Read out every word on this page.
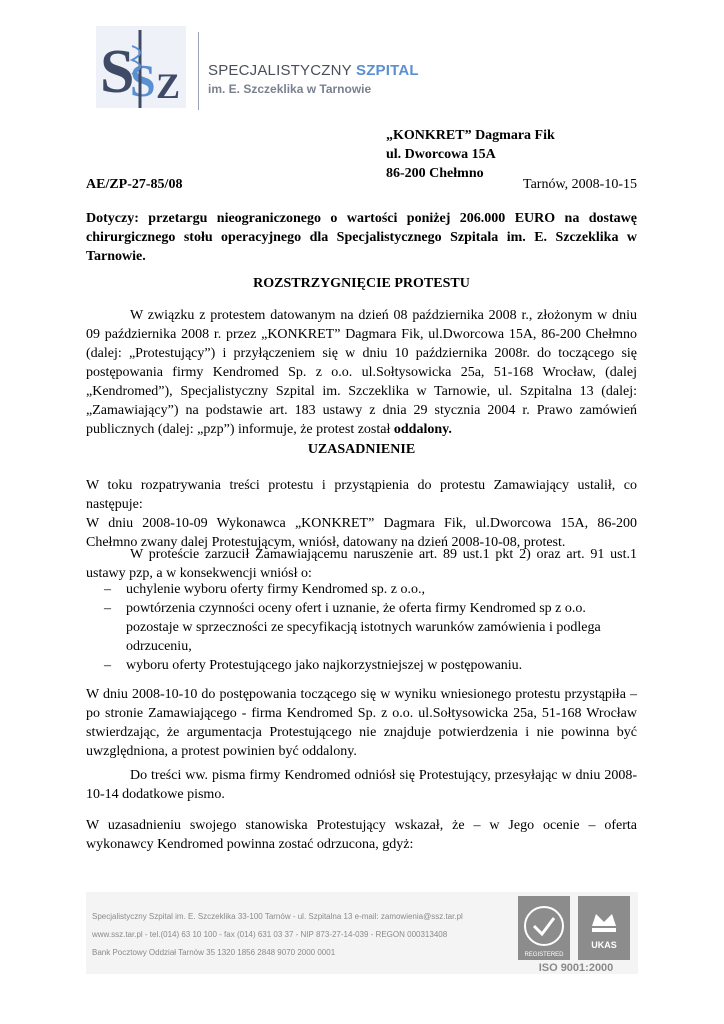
S
S Z SPECJALISTYCZNY SZPITAL
im. E. Szczeklika w Tarnowie
„KONKRET” Dagmara Fik
ul. Dworcowa 15A
86-200 Chełmno
AE/ZP-27-85/08	Tarnów, 2008-10-15
Dotyczy: przetargu nieograniczonego o wartości poniżej 206.000 EURO na dostawę chirurgicznego stołu operacyjnego dla Specjalistycznego Szpitala im. E. Szczeklika w Tarnowie.
ROZSTRZYGNIĘCIE PROTESTU
W związku z protestem datowanym na dzień 08 października 2008 r., złożonym w dniu 09 października 2008 r. przez „KONKRET” Dagmara Fik, ul.Dworcowa 15A, 86-200 Chełmno (dalej: „Protestujący”) i przyłączeniem się w dniu 10 października 2008r. do toczącego się postępowania firmy Kendromed Sp. z o.o. ul.Sołtysowicka 25a, 51-168 Wrocław, (dalej „Kendromed”), Specjalistyczny Szpital im. Szczeklika w Tarnowie, ul. Szpitalna 13 (dalej: „Zamawiający”) na podstawie art. 183 ustawy z dnia 29 stycznia 2004 r. Prawo zamówień publicznych (dalej: „pzp”) informuje, że protest został oddalony.
UZASADNIENIE
W toku rozpatrywania treści protestu i przystąpienia do protestu Zamawiający ustalił, co następuje:
W dniu 2008-10-09 Wykonawca „KONKRET” Dagmara Fik, ul.Dworcowa 15A, 86-200 Chełmno zwany dalej Protestującym, wniósł, datowany na dzień 2008-10-08, protest.
W proteście zarzucił Zamawiającemu naruszenie art. 89 ust.1 pkt 2) oraz art. 91 ust.1 ustawy pzp, a w konsekwencji wniósł o:
– uchylenie wyboru oferty firmy Kendromed sp. z o.o.,
– powtórzenia czynności oceny ofert i uznanie, że oferta firmy Kendromed sp z o.o. pozostaje w sprzeczności ze specyfikacją istotnych warunków zamówienia i podlega odrzuceniu,
– wyboru oferty Protestującego jako najkorzystniejszej w postępowaniu.
W dniu 2008-10-10 do postępowania toczącego się w wyniku wniesionego protestu przystąpiła – po stronie Zamawiającego - firma Kendromed Sp. z o.o. ul.Sołtysowicka 25a, 51-168 Wrocław stwierdzając, że argumentacja Protestującego nie znajduje potwierdzenia i nie powinna być uwzględniona, a protest powinien być oddalony.
Do treści ww. pisma firmy Kendromed odniósł się Protestujący, przesyłając w dniu 2008-10-14 dodatkowe pismo.
W uzasadnieniu swojego stanowiska Protestujący wskazał, że – w Jego ocenie – oferta wykonawcy Kendromed powinna zostać odrzucona, gdyż:
Specjalistyczny Szpital im. E. Szczeklika 33-100 Tarnów - ul. Szpitalna 13 e-mail: zamowienia@ssz.tar.pl
www.ssz.tar.pl - tel.(014) 63 10 100 - fax (014) 631 03 37 - NIP 873-27-14-039 - REGON 000313408
Bank Pocztowy Oddział Tarnów 35 1320 1856 2848 9070 2000 0001	REGISTERED
UKAS
ISO 9001:2000
